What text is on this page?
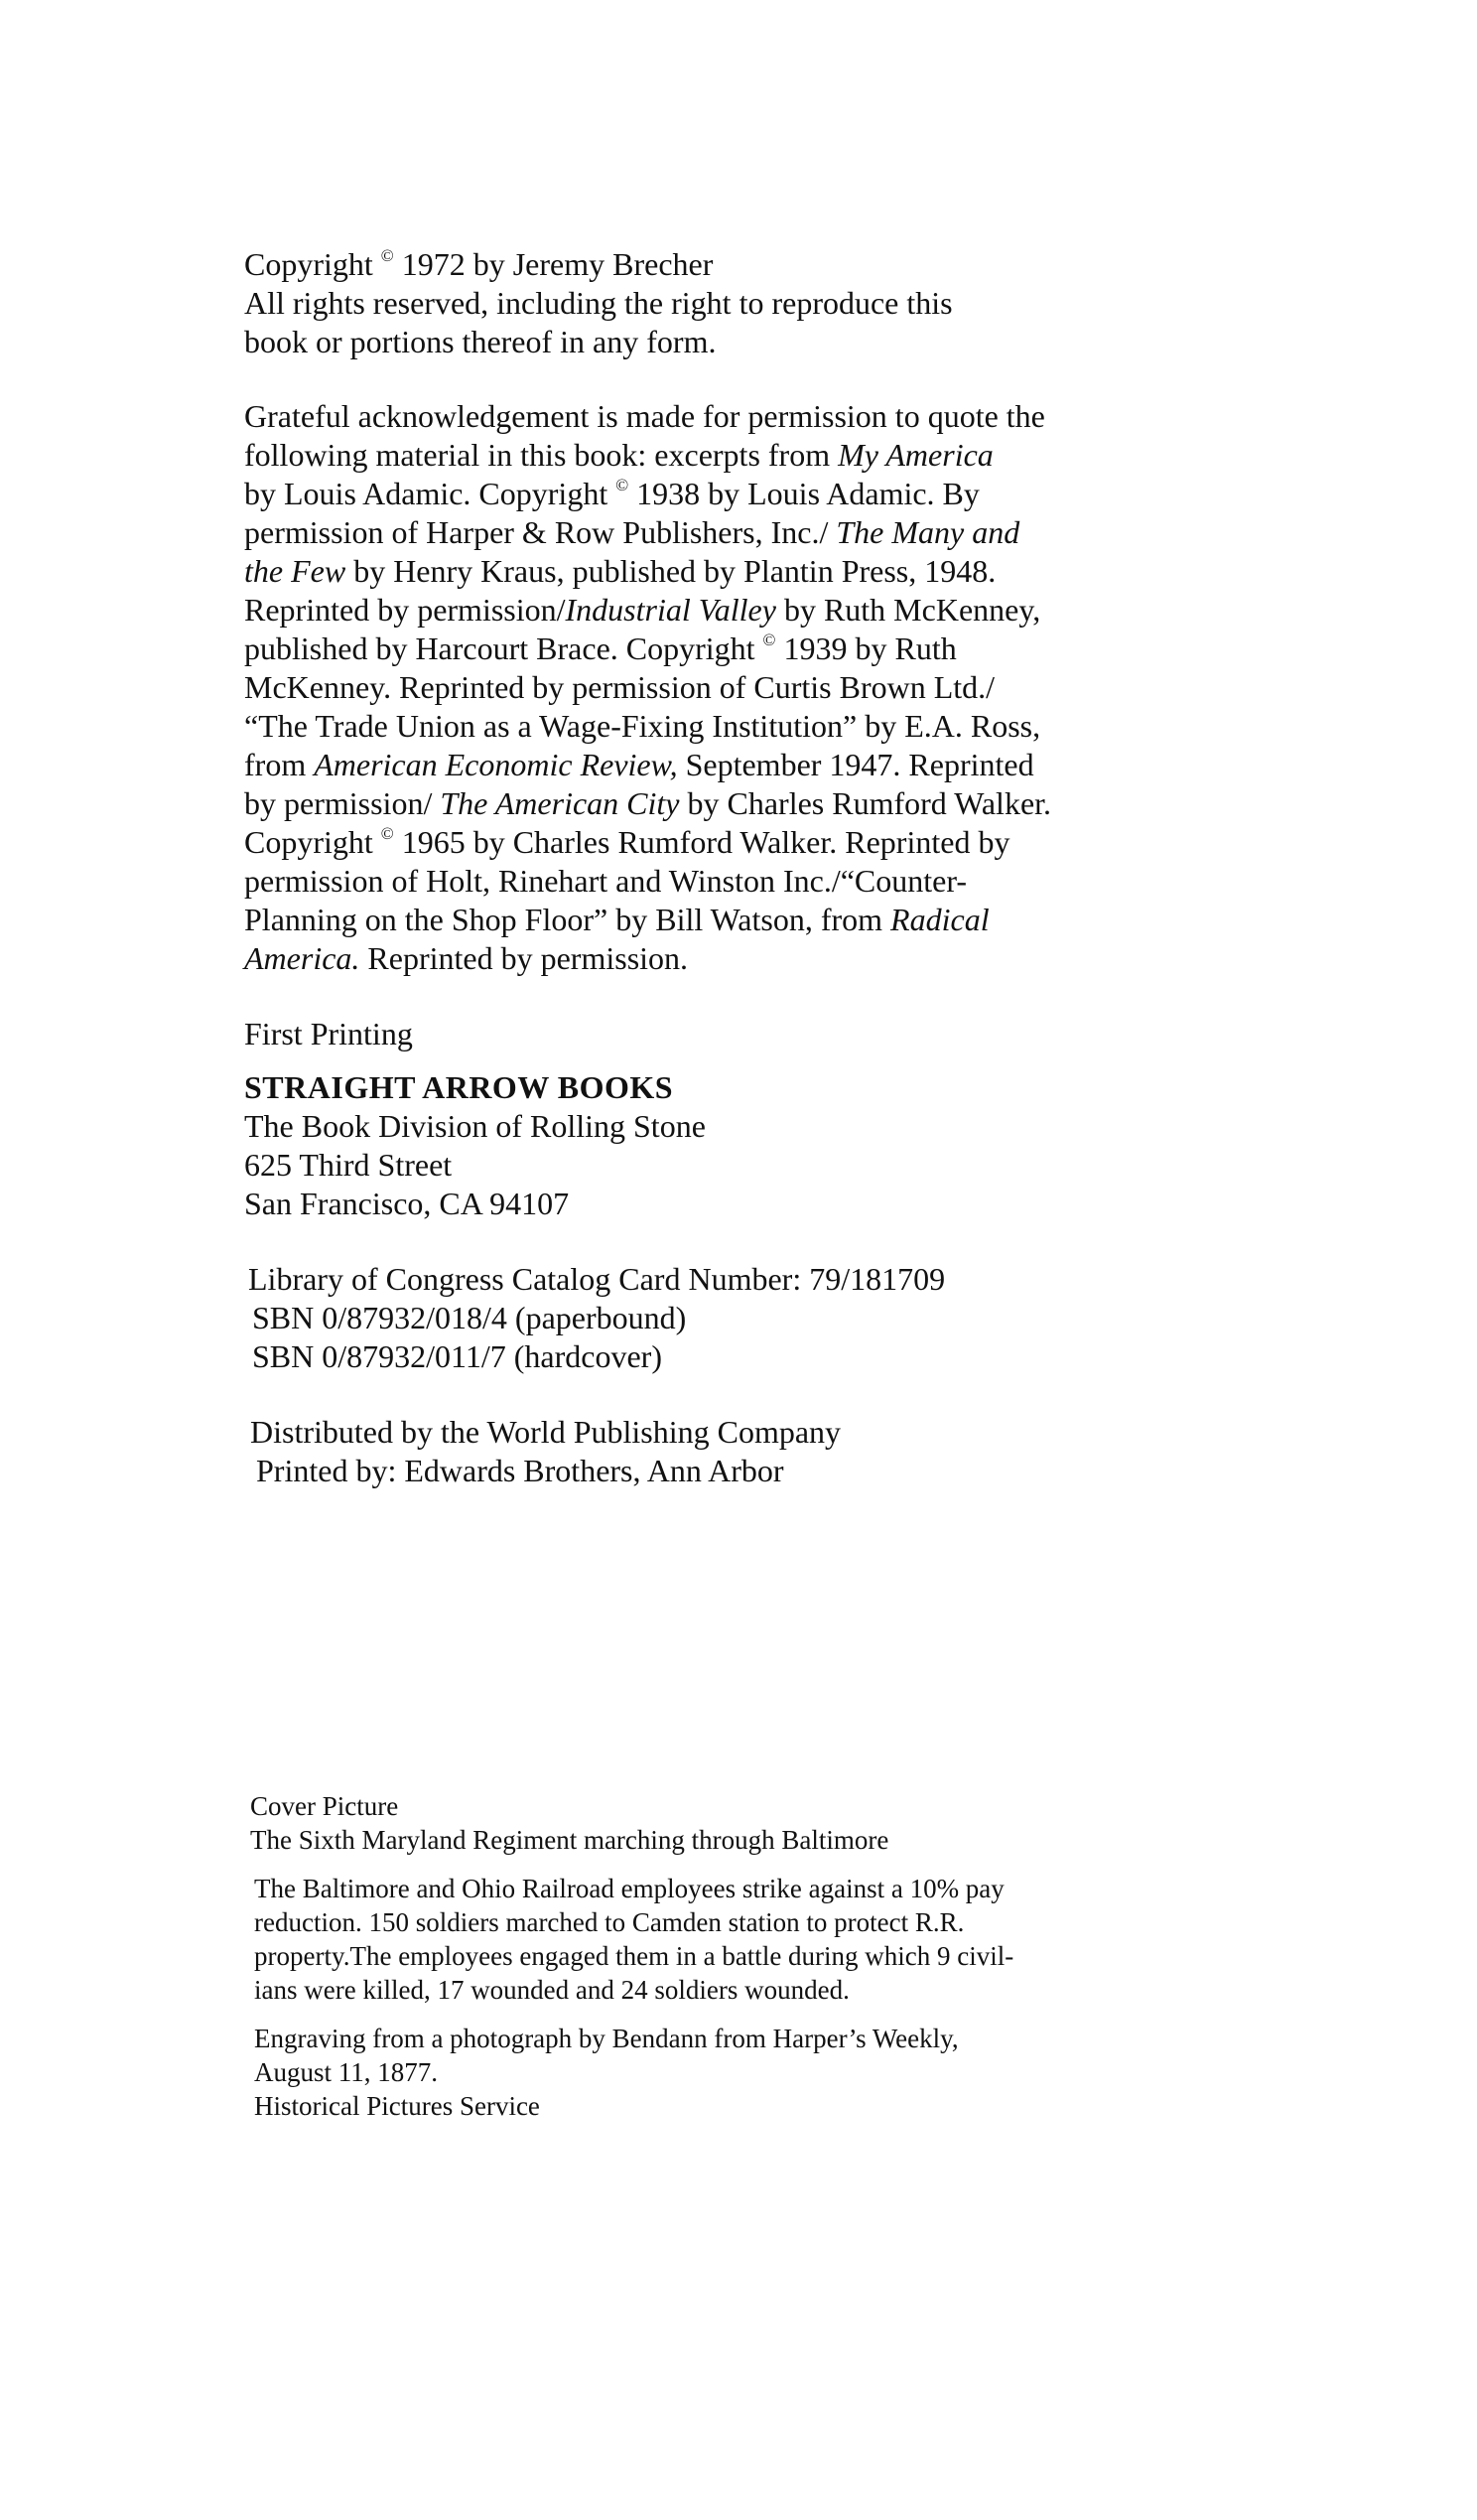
Copyright © 1972 by Jeremy Brecher
All rights reserved, including the right to reproduce this
book or portions thereof in any form.
Grateful acknowledgement is made for permission to quote the
following material in this book: excerpts from My America
by Louis Adamic. Copyright © 1938 by Louis Adamic. By
permission of Harper & Row Publishers, Inc./ The Many and
the Few by Henry Kraus, published by Plantin Press, 1948.
Reprinted by permission/Industrial Valley by Ruth McKenney,
published by Harcourt Brace. Copyright © 1939 by Ruth
McKenney. Reprinted by permission of Curtis Brown Ltd./
“The Trade Union as a Wage-Fixing Institution” by E.A. Ross,
from American Economic Review, September 1947. Reprinted
by permission/ The American City by Charles Rumford Walker.
Copyright © 1965 by Charles Rumford Walker. Reprinted by
permission of Holt, Rinehart and Winston Inc./“Counter-
Planning on the Shop Floor” by Bill Watson, from Radical
America. Reprinted by permission.
First Printing
STRAIGHT ARROW BOOKS
The Book Division of Rolling Stone
625 Third Street
San Francisco, CA 94107
Library of Congress Catalog Card Number: 79/181709
SBN 0/87932/018/4 (paperbound)
SBN 0/87932/011/7 (hardcover)
Distributed by the World Publishing Company
Printed by: Edwards Brothers, Ann Arbor
Cover Picture
The Sixth Maryland Regiment marching through Baltimore
The Baltimore and Ohio Railroad employees strike against a 10% pay
reduction. 150 soldiers marched to Camden station to protect R.R.
property.The employees engaged them in a battle during which 9 civil-
ians were killed, 17 wounded and 24 soldiers wounded.
Engraving from a photograph by Bendann from Harper’s Weekly,
August 11, 1877.
Historical Pictures Service
